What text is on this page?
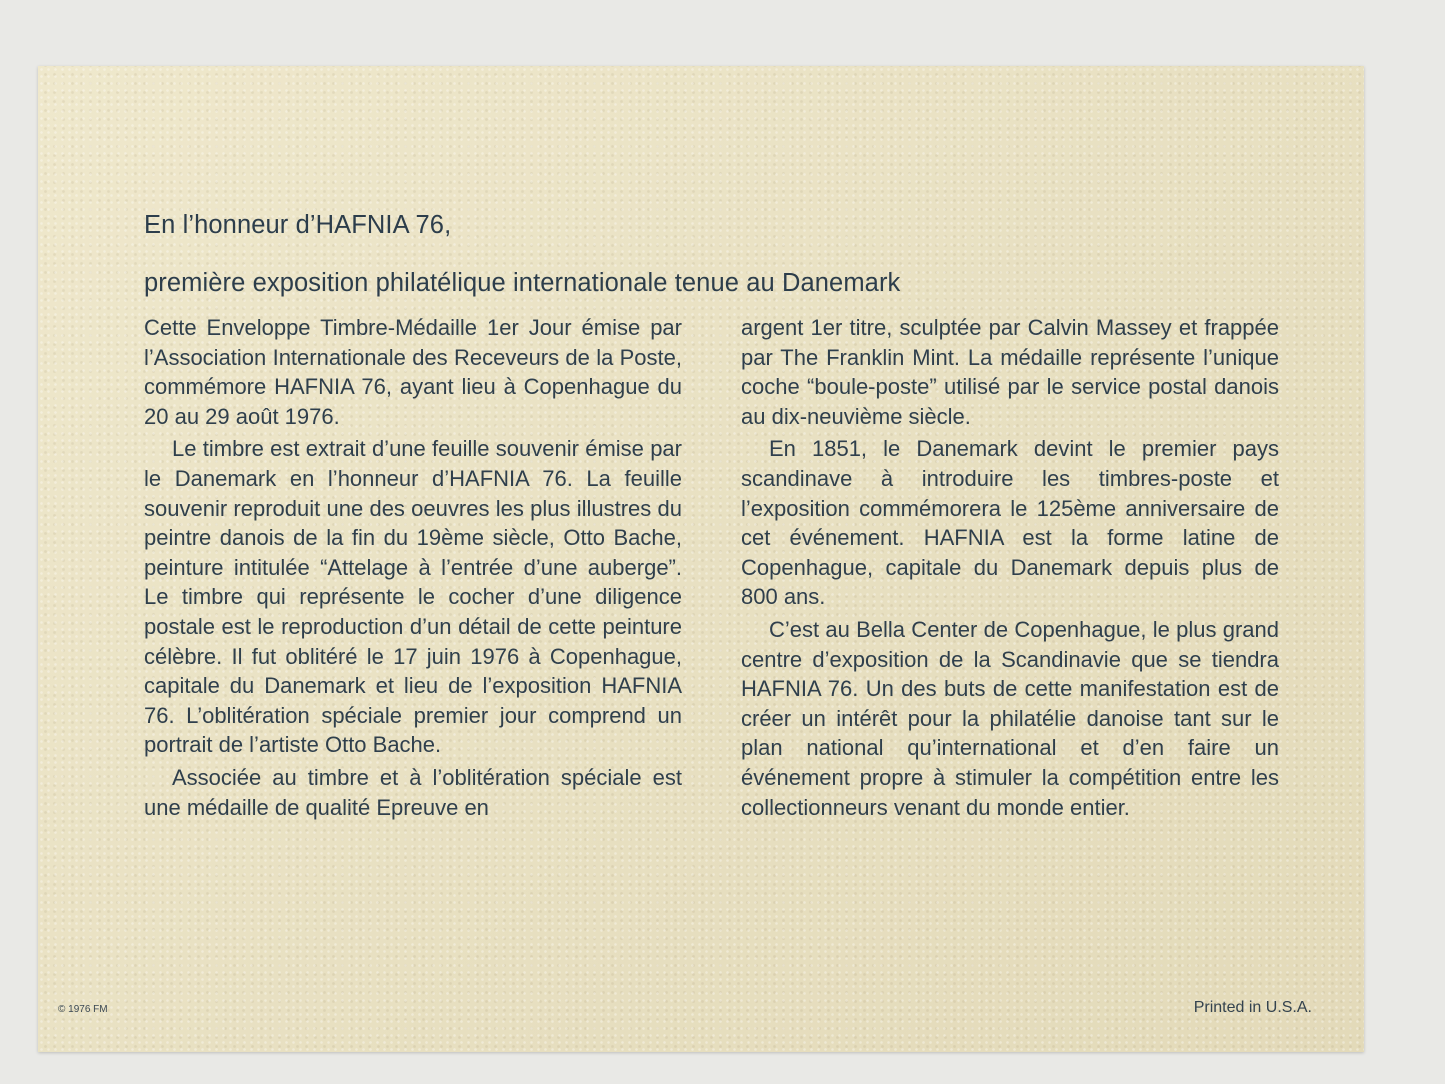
En l’honneur d’HAFNIA 76,
première exposition philatélique internationale tenue au Danemark

Cette Enveloppe Timbre-Médaille 1er Jour émise par l’Association Internationale des Receveurs de la Poste, commémore HAFNIA 76, ayant lieu à Copenhague du 20 au 29 août 1976.

Le timbre est extrait d’une feuille souvenir émise par le Danemark en l’honneur d’HAFNIA 76. La feuille souvenir reproduit une des oeuvres les plus illustres du peintre danois de la fin du 19ème siècle, Otto Bache, peinture intitulée “Attelage à l’entrée d’une auberge”. Le timbre qui représente le cocher d’une diligence postale est le reproduction d’un détail de cette peinture célèbre. Il fut oblitéré le 17 juin 1976 à Copenhague, capitale du Danemark et lieu de l’exposition HAFNIA 76. L’oblitération spéciale premier jour comprend un portrait de l’artiste Otto Bache.

Associée au timbre et à l’oblitération spéciale est une médaille de qualité Epreuve en

argent 1er titre, sculptée par Calvin Massey et frappée par The Franklin Mint. La médaille représente l’unique coche “boule-poste” utilisé par le service postal danois au dix-neuvième siècle.

En 1851, le Danemark devint le premier pays scandinave à introduire les timbres-poste et l’exposition commémorera le 125ème anniversaire de cet événement. HAFNIA est la forme latine de Copenhague, capitale du Danemark depuis plus de 800 ans.

C’est au Bella Center de Copenhague, le plus grand centre d’exposition de la Scandinavie que se tiendra HAFNIA 76. Un des buts de cette manifestation est de créer un intérêt pour la philatélie danoise tant sur le plan national qu’international et d’en faire un événement propre à stimuler la compétition entre les collectionneurs venant du monde entier.

© 1976 FM	Printed in U.S.A.
